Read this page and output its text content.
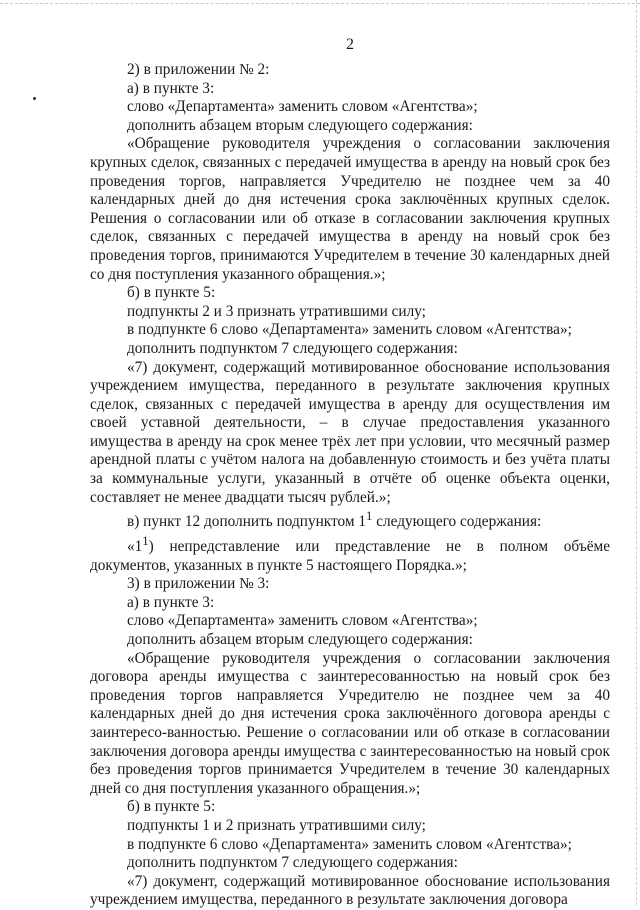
2

2) в приложении № 2:

а) в пункте 3:

слово «Департамента» заменить словом «Агентства»;

дополнить абзацем вторым следующего содержания:

«Обращение руководителя учреждения о согласовании заключения крупных сделок, связанных с передачей имущества в аренду на новый срок без проведения торгов, направляется Учредителю не позднее чем за 40 календарных дней до дня истечения срока заключённых крупных сделок. Решения о согласовании или об отказе в согласовании заключения крупных сделок, связанных с передачей имущества в аренду на новый срок без проведения торгов, принимаются Учредителем в течение 30 календарных дней со дня поступления указанного обращения.»;

б) в пункте 5:

подпункты 2 и 3 признать утратившими силу;

в подпункте 6 слово «Департамента» заменить словом «Агентства»;

дополнить подпунктом 7 следующего содержания:

«7) документ, содержащий мотивированное обоснование использования учреждением имущества, переданного в результате заключения крупных сделок, связанных с передачей имущества в аренду для осуществления им своей уставной деятельности, – в случае предоставления указанного имущества в аренду на срок менее трёх лет при условии, что месячный размер арендной платы с учётом налога на добавленную стоимость и без учёта платы за коммунальные услуги, указанный в отчёте об оценке объекта оценки, составляет не менее двадцати тысяч рублей.»;

в) пункт 12 дополнить подпунктом $1^1$ следующего содержания:

«$1^1$) непредставление или представление не в полном объёме документов, указанных в пункте 5 настоящего Порядка.»;

3) в приложении № 3:

а) в пункте 3:

слово «Департамента» заменить словом «Агентства»;

дополнить абзацем вторым следующего содержания:

«Обращение руководителя учреждения о согласовании заключения договора аренды имущества с заинтересованностью на новый срок без проведения торгов направляется Учредителю не позднее чем за 40 календарных дней до дня истечения срока заключённого договора аренды с заинтересо-ванностью. Решение о согласовании или об отказе в согласовании заключения договора аренды имущества с заинтересованностью на новый срок без проведения торгов принимается Учредителем в течение 30 календарных дней со дня поступления указанного обращения.»;

б) в пункте 5:

подпункты 1 и 2 признать утратившими силу;

в подпункте 6 слово «Департамента» заменить словом «Агентства»;

дополнить подпунктом 7 следующего содержания:

«7) документ, содержащий мотивированное обоснование использования учреждением имущества, переданного в результате заключения договора
